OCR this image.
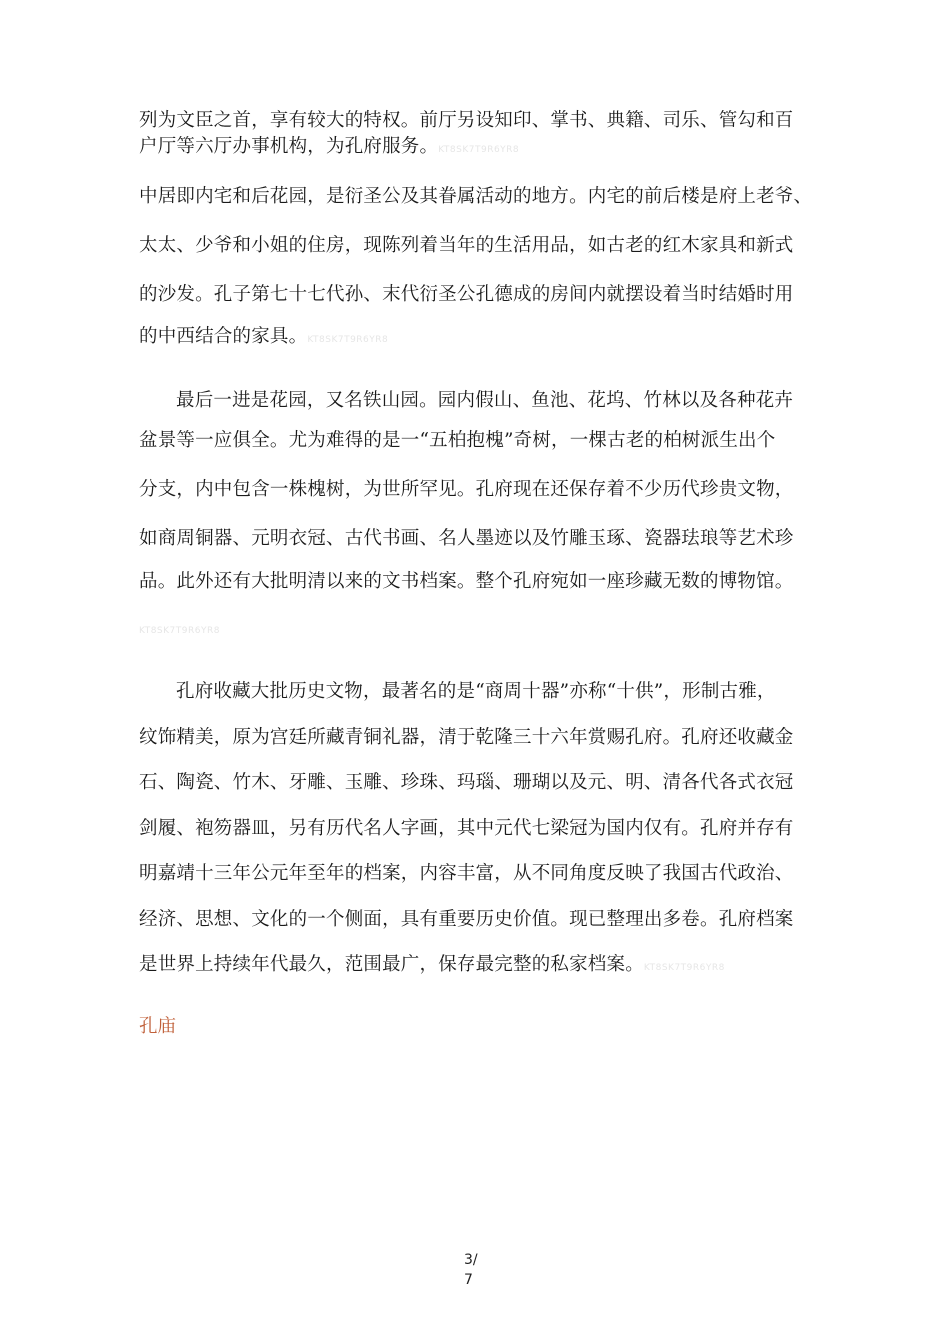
列为文臣之首，享有较大的特权。前厅另设知印、掌书、典籍、司乐、管勾和百
户厅等六厅办事机构，为孔府服务。KT8SK7T9R6YR8
中居即内宅和后花园，是衍圣公及其眷属活动的地方。内宅的前后楼是府上老爷、
太太、少爷和小姐的住房，现陈列着当年的生活用品，如古老的红木家具和新式
的沙发。孔子第七十七代孙、末代衍圣公孔德成的房间内就摆设着当时结婚时用
的中西结合的家具。KT8SK7T9R6YR8
最后一进是花园，又名铁山园。园内假山、鱼池、花坞、竹林以及各种花卉
盆景等一应俱全。尤为难得的是一“五柏抱槐”奇树，一棵古老的柏树派生出个
分支，内中包含一株槐树，为世所罕见。孔府现在还保存着不少历代珍贵文物，
如商周铜器、元明衣冠、古代书画、名人墨迹以及竹雕玉琢、瓷器珐琅等艺术珍
品。此外还有大批明清以来的文书档案。整个孔府宛如一座珍藏无数的博物馆。
KT8SK7T9R6YR8
孔府收藏大批历史文物，最著名的是“商周十器”亦称“十供”，形制古雅，
纹饰精美，原为宫廷所藏青铜礼器，清于乾隆三十六年赏赐孔府。孔府还收藏金
石、陶瓷、竹木、牙雕、玉雕、珍珠、玛瑙、珊瑚以及元、明、清各代各式衣冠
剑履、袍笏器皿，另有历代名人字画，其中元代七梁冠为国内仅有。孔府并存有
明嘉靖十三年公元年至年的档案，内容丰富，从不同角度反映了我国古代政治、
经济、思想、文化的一个侧面，具有重要历史价值。现已整理出多卷。孔府档案
是世界上持续年代最久，范围最广，保存最完整的私家档案。KT8SK7T9R6YR8
孔庙
3/
7
